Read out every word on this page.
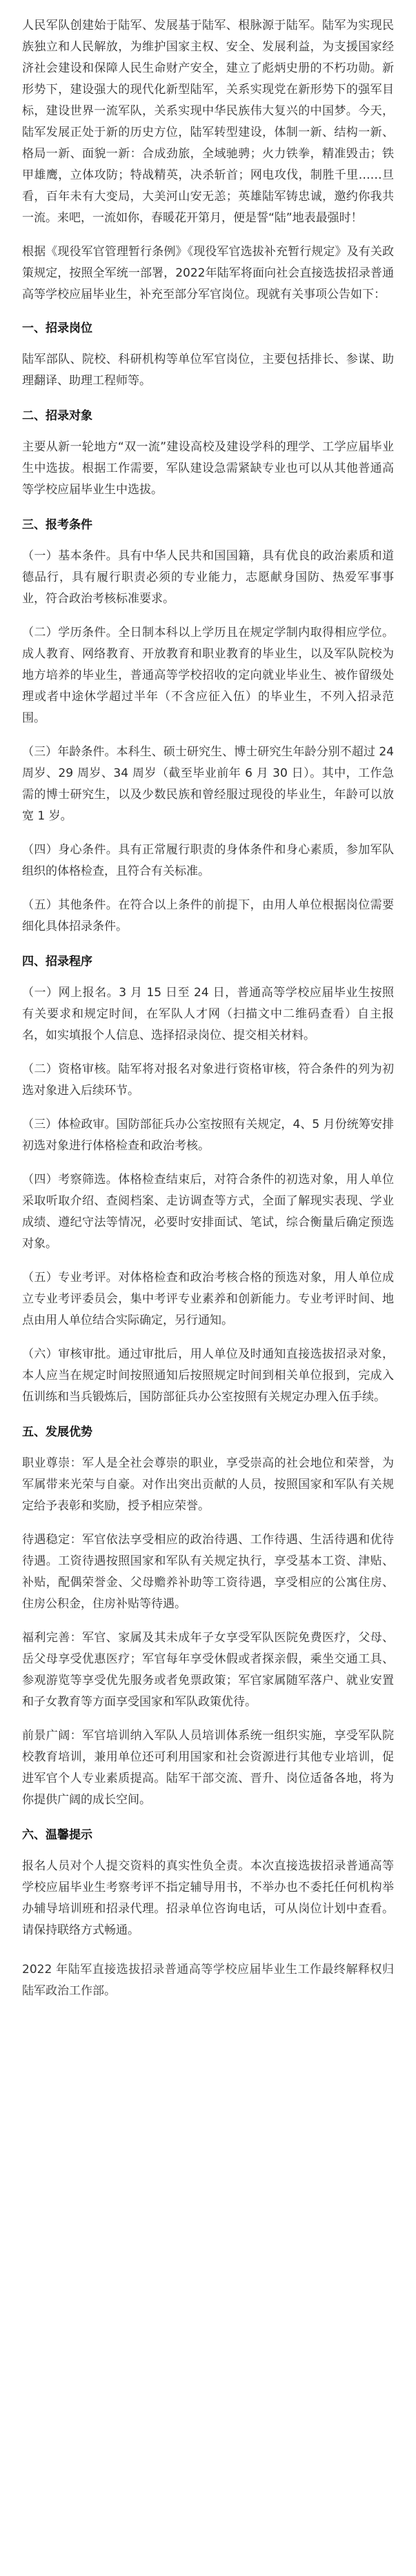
人民军队创建始于陆军、发展基于陆军、根脉源于陆军。陆军为实现民族独立和人民解放，为维护国家主权、安全、发展利益，为支援国家经济社会建设和保障人民生命财产安全，建立了彪炳史册的不朽功勋。新形势下，建设强大的现代化新型陆军，关系实现党在新形势下的强军目标，建设世界一流军队，关系实现中华民族伟大复兴的中国梦。今天，陆军发展正处于新的历史方位，陆军转型建设，体制一新、结构一新、格局一新、面貌一新：合成劲旅，全域驰骋；火力铁拳，精准毁击；铁甲雄鹰，立体攻防；特战精英，决杀斩首；网电攻伐，制胜千里……旦看，百年未有大变局，大美河山安无恙；英雄陆军铸忠诚，邀约你我共一流。来吧，一流如你，春暖花开第月，便是誓“陆”地表最强时！

根据《现役军官管理暂行条例》《现役军官选拔补充暂行规定》及有关政策规定，按照全军统一部署，2022年陆军将面向社会直接选拔招录普通高等学校应届毕业生，补充至部分军官岗位。现就有关事项公告如下：

一、招录岗位

陆军部队、院校、科研机构等单位军官岗位，主要包括排长、参谋、助理翻译、助理工程师等。

二、招录对象

主要从新一轮地方“双一流”建设高校及建设学科的理学、工学应届毕业生中选拔。根据工作需要，军队建设急需紧缺专业也可以从其他普通高等学校应届毕业生中选拔。

三、报考条件

（一）基本条件。具有中华人民共和国国籍，具有优良的政治素质和道德品行，具有履行职责必须的专业能力，志愿献身国防、热爱军事事业，符合政治考核标准要求。

（二）学历条件。全日制本科以上学历且在规定学制内取得相应学位。成人教育、网络教育、开放教育和职业教育的毕业生，以及军队院校为地方培养的毕业生，普通高等学校招收的定向就业毕业生、被作留级处理或者中途休学超过半年（不含应征入伍）的毕业生，不列入招录范围。

（三）年龄条件。本科生、硕士研究生、博士研究生年龄分别不超过 24 周岁、29 周岁、34 周岁（截至毕业前年 6 月 30 日）。其中，工作急需的博士研究生，以及少数民族和曾经服过现役的毕业生，年龄可以放宽 1 岁。

（四）身心条件。具有正常履行职责的身体条件和身心素质，参加军队组织的体格检查，且符合有关标准。

（五）其他条件。在符合以上条件的前提下，由用人单位根据岗位需要细化具体招录条件。

四、招录程序

（一）网上报名。3 月 15 日至 24 日，普通高等学校应届毕业生按照有关要求和规定时间，在军队人才网（扫描文中二维码查看）自主报名，如实填报个人信息、选择招录岗位、提交相关材料。

（二）资格审核。陆军将对报名对象进行资格审核，符合条件的列为初选对象进入后续环节。

（三）体检政审。国防部征兵办公室按照有关规定，4、5 月份统筹安排初选对象进行体格检查和政治考核。

（四）考察筛选。体格检查结束后，对符合条件的初选对象，用人单位采取听取介绍、查阅档案、走访调查等方式，全面了解现实表现、学业成绩、遵纪守法等情况，必要时安排面试、笔试，综合衡量后确定预选对象。

（五）专业考评。对体格检查和政治考核合格的预选对象，用人单位成立专业考评委员会，集中考评专业素养和创新能力。专业考评时间、地点由用人单位结合实际确定，另行通知。

（六）审核审批。通过审批后，用人单位及时通知直接选拔招录对象，本人应当在规定时间按照通知后按照规定时间到相关单位报到，完成入伍训练和当兵锻炼后，国防部征兵办公室按照有关规定办理入伍手续。

五、发展优势

职业尊崇：军人是全社会尊崇的职业，享受崇高的社会地位和荣誉，为军属带来光荣与自豪。对作出突出贡献的人员，按照国家和军队有关规定给予表彰和奖励，授予相应荣誉。

待遇稳定：军官依法享受相应的政治待遇、工作待遇、生活待遇和优待待遇。工资待遇按照国家和军队有关规定执行，享受基本工资、津贴、补贴，配偶荣誉金、父母赡养补助等工资待遇，享受相应的公寓住房、住房公积金，住房补贴等待遇。

福利完善：军官、家属及其未成年子女享受军队医院免费医疗，父母、岳父母享受优惠医疗；军官每年享受休假或者探亲假，乘坐交通工具、参观游览等享受优先服务或者免票政策；军官家属随军落户、就业安置和子女教育等方面享受国家和军队政策优待。

前景广阔：军官培训纳入军队人员培训体系统一组织实施，享受军队院校教育培训，兼用单位还可利用国家和社会资源进行其他专业培训，促进军官个人专业素质提高。陆军干部交流、晋升、岗位适备各地，将为你提供广阔的成长空间。

六、温馨提示

报名人员对个人提交资料的真实性负全责。本次直接选拔招录普通高等学校应届毕业生考察考评不指定辅导用书，不举办也不委托任何机构举办辅导培训班和招录代理。招录单位咨询电话，可从岗位计划中查看。请保持联络方式畅通。

2022 年陆军直接选拔招录普通高等学校应届毕业生工作最终解释权归陆军政治工作部。
